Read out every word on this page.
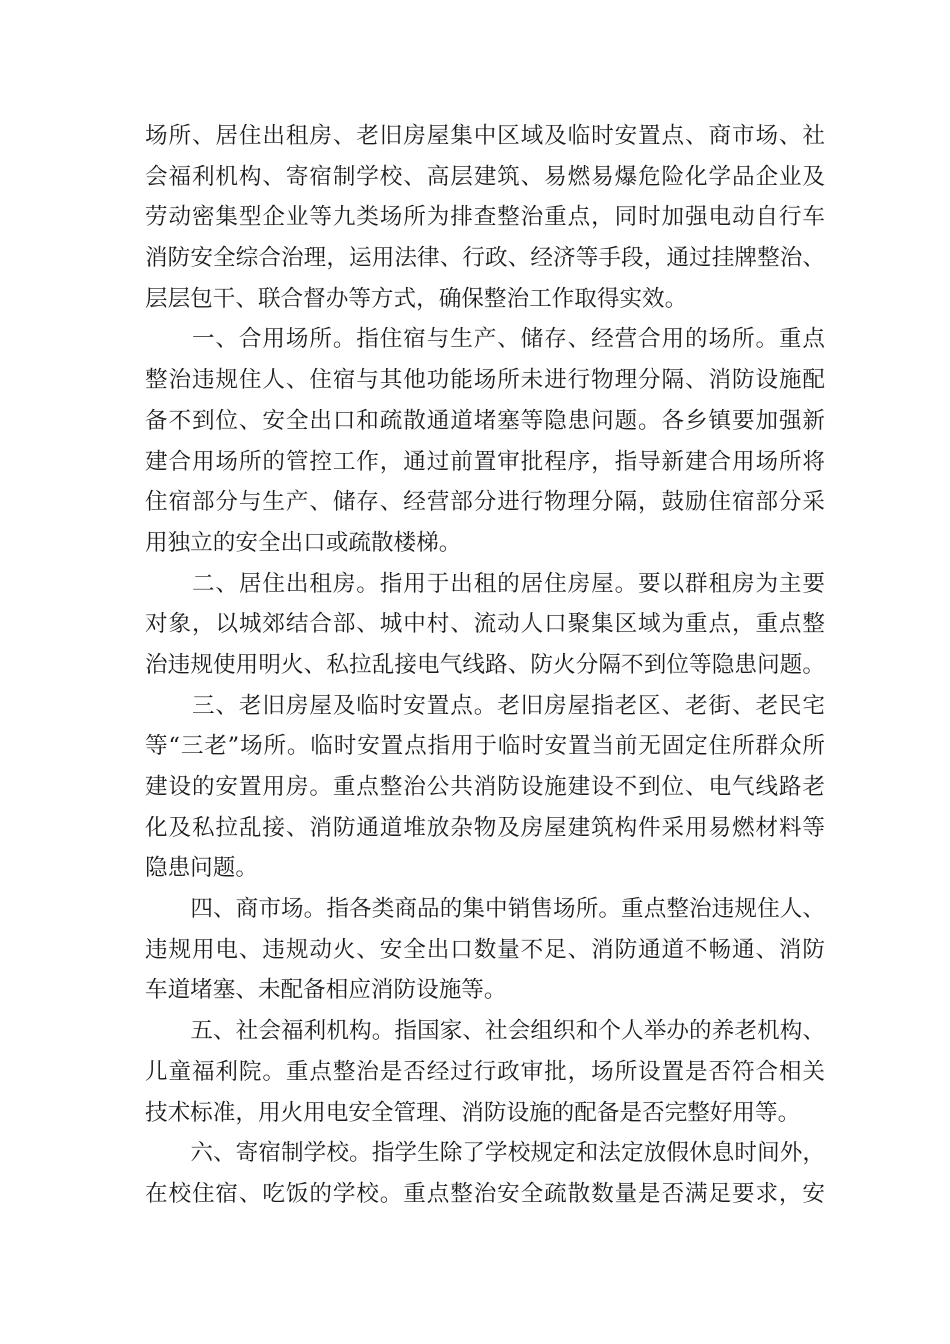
场所、居住出租房、老旧房屋集中区域及临时安置点、商市场、社
会福利机构、寄宿制学校、高层建筑、易燃易爆危险化学品企业及
劳动密集型企业等九类场所为排查整治重点，同时加强电动自行车
消防安全综合治理，运用法律、行政、经济等手段，通过挂牌整治、
层层包干、联合督办等方式，确保整治工作取得实效。
　　一、合用场所。指住宿与生产、储存、经营合用的场所。重点
整治违规住人、住宿与其他功能场所未进行物理分隔、消防设施配
备不到位、安全出口和疏散通道堵塞等隐患问题。各乡镇要加强新
建合用场所的管控工作，通过前置审批程序，指导新建合用场所将
住宿部分与生产、储存、经营部分进行物理分隔，鼓励住宿部分采
用独立的安全出口或疏散楼梯。
　　二、居住出租房。指用于出租的居住房屋。要以群租房为主要
对象，以城郊结合部、城中村、流动人口聚集区域为重点，重点整
治违规使用明火、私拉乱接电气线路、防火分隔不到位等隐患问题。
　　三、老旧房屋及临时安置点。老旧房屋指老区、老街、老民宅
等“三老”场所。临时安置点指用于临时安置当前无固定住所群众所
建设的安置用房。重点整治公共消防设施建设不到位、电气线路老
化及私拉乱接、消防通道堆放杂物及房屋建筑构件采用易燃材料等
隐患问题。
　　四、商市场。指各类商品的集中销售场所。重点整治违规住人、
违规用电、违规动火、安全出口数量不足、消防通道不畅通、消防
车道堵塞、未配备相应消防设施等。
　　五、社会福利机构。指国家、社会组织和个人举办的养老机构、
儿童福利院。重点整治是否经过行政审批，场所设置是否符合相关
技术标准，用火用电安全管理、消防设施的配备是否完整好用等。
　　六、寄宿制学校。指学生除了学校规定和法定放假休息时间外，
在校住宿、吃饭的学校。重点整治安全疏散数量是否满足要求，安
